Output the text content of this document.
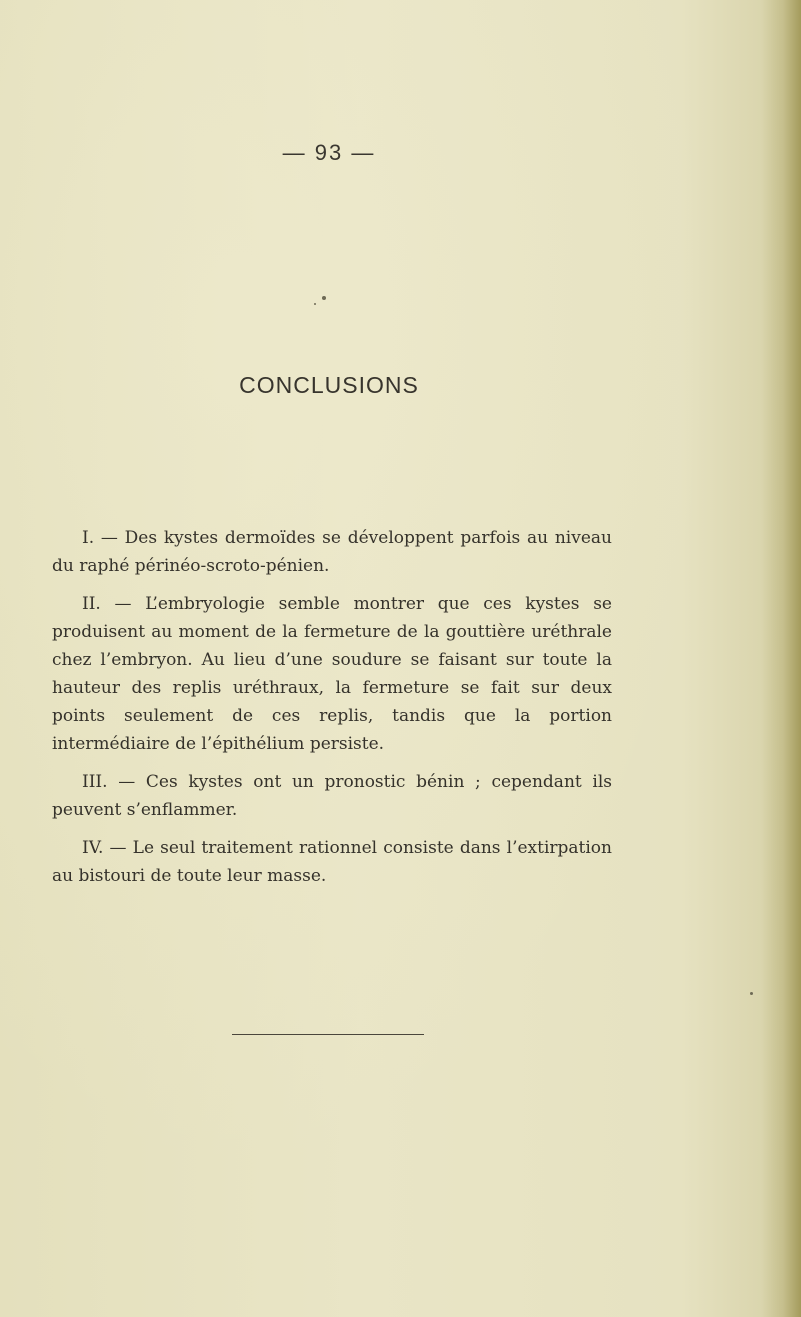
— 93 —
CONCLUSIONS

I. — Des kystes dermoïdes se développent parfois au niveau du raphé périnéo-scroto-pénien.

II. — L’embryologie semble montrer que ces kystes se produisent au moment de la fermeture de la gouttière uréthrale chez l’embryon. Au lieu d’une soudure se faisant sur toute la hauteur des replis uréthraux, la fermeture se fait sur deux points seulement de ces replis, tandis que la portion intermédiaire de l’épithélium persiste.

III. — Ces kystes ont un pronostic bénin ; cependant ils peuvent s’enflammer.

IV. — Le seul traitement rationnel consiste dans l’extirpation au bistouri de toute leur masse.
